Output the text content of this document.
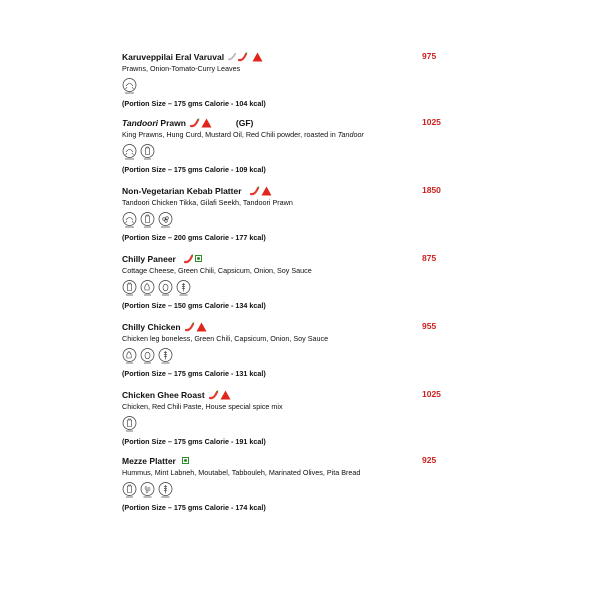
Karuveppilai Eral Varuval	975
Prawns, Onion-Tomato-Curry Leaves
(Portion Size – 175 gms Calorie - 104 kcal)
Tandoori Prawn	(GF)	1025
King Prawns, Hung Curd, Mustard Oil, Red Chili powder, roasted in Tandoor
(Portion Size – 175 gms Calorie - 109 kcal)
Non-Vegetarian Kebab Platter	1850
Tandoori Chicken Tikka, Gilafi Seekh, Tandoori Prawn
(Portion Size – 200 gms Calorie - 177 kcal)
Chilly Paneer	875
Cottage Cheese, Green Chili, Capsicum, Onion, Soy Sauce
(Portion Size – 150 gms Calorie - 134 kcal)
Chilly Chicken	955
Chicken leg boneless, Green Chili, Capsicum, Onion, Soy Sauce
(Portion Size – 175 gms Calorie - 131 kcal)
Chicken Ghee Roast	1025
Chicken, Red Chili Paste, House special spice mix
(Portion Size – 175 gms Calorie - 191 kcal)
Mezze Platter	925
Hummus, Mint Labneh, Moutabel, Tabbouleh, Marinated Olives, Pita Bread
(Portion Size – 175 gms Calorie - 174 kcal)
